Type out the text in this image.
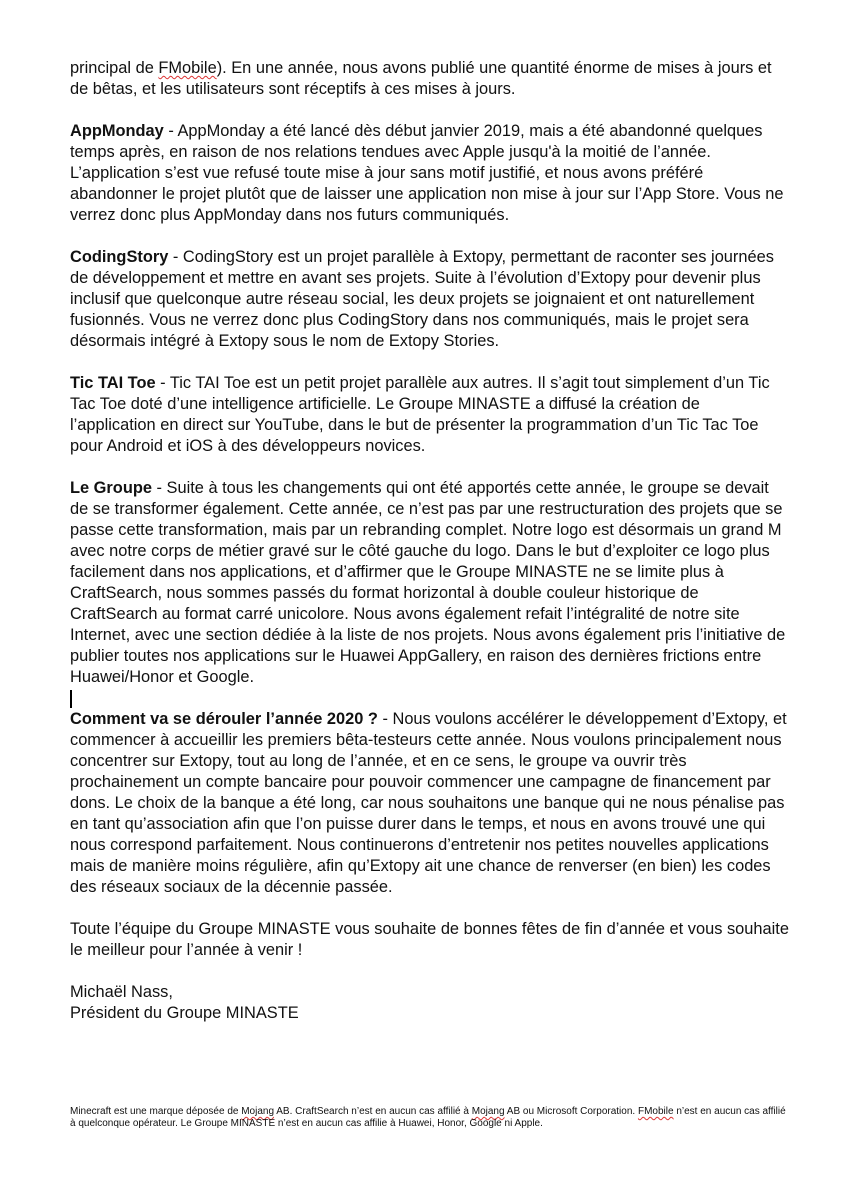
principal de FMobile). En une année, nous avons publié une quantité énorme de mises à jours et de bêtas, et les utilisateurs sont réceptifs à ces mises à jours.

AppMonday - AppMonday a été lancé dès début janvier 2019, mais a été abandonné quelques temps après, en raison de nos relations tendues avec Apple jusqu'à la moitié de l’année. L’application s’est vue refusé toute mise à jour sans motif justifié, et nous avons préféré abandonner le projet plutôt que de laisser une application non mise à jour sur l’App Store. Vous ne verrez donc plus AppMonday dans nos futurs communiqués.

CodingStory - CodingStory est un projet parallèle à Extopy, permettant de raconter ses journées de développement et mettre en avant ses projets. Suite à l’évolution d’Extopy pour devenir plus inclusif que quelconque autre réseau social, les deux projets se joignaient et ont naturellement fusionnés. Vous ne verrez donc plus CodingStory dans nos communiqués, mais le projet sera désormais intégré à Extopy sous le nom de Extopy Stories.

Tic TAI Toe - Tic TAI Toe est un petit projet parallèle aux autres. Il s’agit tout simplement d’un Tic Tac Toe doté d’une intelligence artificielle. Le Groupe MINASTE a diffusé la création de l’application en direct sur YouTube, dans le but de présenter la programmation d’un Tic Tac Toe pour Android et iOS à des développeurs novices.

Le Groupe - Suite à tous les changements qui ont été apportés cette année, le groupe se devait de se transformer également. Cette année, ce n’est pas par une restructuration des projets que se passe cette transformation, mais par un rebranding complet. Notre logo est désormais un grand M avec notre corps de métier gravé sur le côté gauche du logo. Dans le but d’exploiter ce logo plus facilement dans nos applications, et d’affirmer que le Groupe MINASTE ne se limite plus à CraftSearch, nous sommes passés du format horizontal à double couleur historique de CraftSearch au format carré unicolore. Nous avons également refait l’intégralité de notre site Internet, avec une section dédiée à la liste de nos projets. Nous avons également pris l’initiative de publier toutes nos applications sur le Huawei AppGallery, en raison des dernières frictions entre Huawei/Honor et Google.

Comment va se dérouler l’année 2020 ? - Nous voulons accélérer le développement d’Extopy, et commencer à accueillir les premiers bêta-testeurs cette année. Nous voulons principalement nous concentrer sur Extopy, tout au long de l’année, et en ce sens, le groupe va ouvrir très prochainement un compte bancaire pour pouvoir commencer une campagne de financement par dons. Le choix de la banque a été long, car nous souhaitons une banque qui ne nous pénalise pas en tant qu’association afin que l’on puisse durer dans le temps, et nous en avons trouvé une qui nous correspond parfaitement. Nous continuerons d’entretenir nos petites nouvelles applications mais de manière moins régulière, afin qu’Extopy ait une chance de renverser (en bien) les codes des réseaux sociaux de la décennie passée.

Toute l’équipe du Groupe MINASTE vous souhaite de bonnes fêtes de fin d’année et vous souhaite le meilleur pour l’année à venir !

Michaël Nass,
Président du Groupe MINASTE
Minecraft est une marque déposée de Mojang AB. CraftSearch n’est en aucun cas affilié à Mojang AB ou Microsoft Corporation. FMobile n’est en aucun cas affilié à quelconque opérateur. Le Groupe MINASTE n’est en aucun cas affilie à Huawei, Honor, Google ni Apple.
